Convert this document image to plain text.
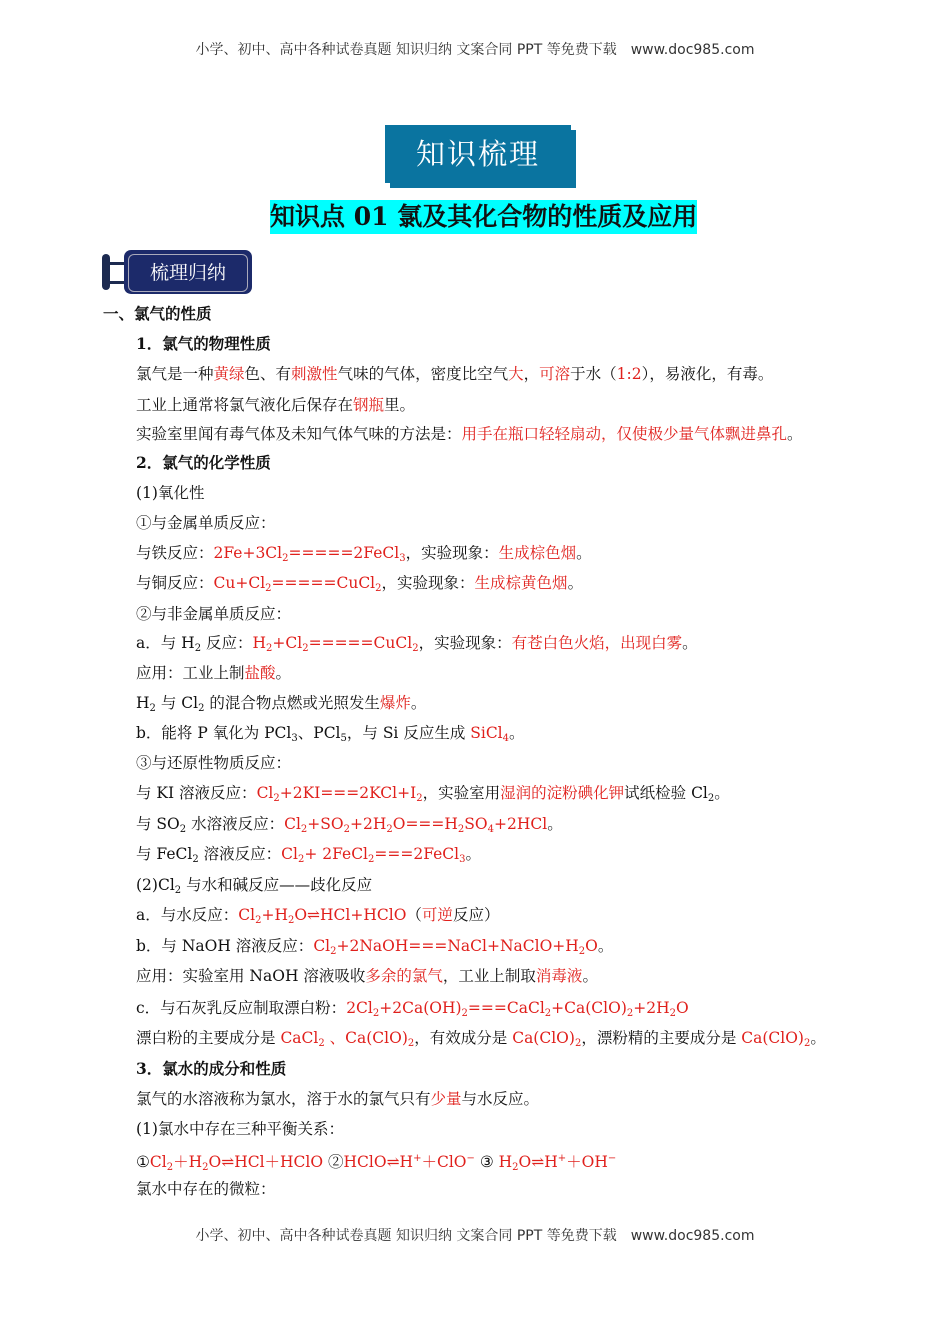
小学、初中、高中各种试卷真题 知识归纳 文案合同 PPT 等免费下载　www.doc985.com
知识梳理
知识点 01 氯及其化合物的性质及应用
梳理归纳
一、氯气的性质
1．氯气的物理性质
氯气是一种黄绿色、有刺激性气味的气体，密度比空气大，可溶于水（1:2），易液化，有毒。
工业上通常将氯气液化后保存在钢瓶里。
实验室里闻有毒气体及未知气体气味的方法是：用手在瓶口轻轻扇动，仅使极少量气体飘进鼻孔。
2．氯气的化学性质
(1)氧化性
①与金属单质反应：
与铁反应：$2Fe+3Cl_2=====2FeCl_3$，实验现象：生成棕色烟。
与铜反应：$Cu+Cl_2=====CuCl_2$，实验现象：生成棕黄色烟。
②与非金属单质反应：
a．与 $H_2$ 反应：$H_2+Cl_2=====CuCl_2$，实验现象：有苍白色火焰，出现白雾。
应用：工业上制盐酸。
$H_2$ 与 $Cl_2$ 的混合物点燃或光照发生爆炸。
b．能将 P 氧化为 PCl$_3$、PCl$_5$，与 Si 反应生成 SiCl$_4$。
③与还原性物质反应：
与 KI 溶液反应：$Cl_2+2KI===2KCl+I_2$，实验室用湿润的淀粉碘化钾试纸检验 $Cl_2$。
与 $SO_2$ 水溶液反应：$Cl_2+SO_2+2H_2O===H_2SO_4+2HCl$。
与 FeCl$_2$ 溶液反应：$Cl_2+$ 2FeCl$_2$===2FeCl$_3$。
$(2)Cl_2$ 与水和碱反应——歧化反应
a．与水反应：$Cl_2+H_2O\rightleftharpoons HCl+HClO$（可逆反应）
b．与 NaOH 溶液反应：$Cl_2+2NaOH===NaCl+NaClO+H_2O$。
应用：实验室用 NaOH 溶液吸收多余的氯气，工业上制取消毒液。
c．与石灰乳反应制取漂白粉：$2Cl_2+2Ca(OH)_2===CaCl_2+Ca(ClO)_2+2H_2O$
漂白粉的主要成分是 CaCl$_2$ 、$Ca(ClO)_2$，有效成分是 $Ca(ClO)_2$，漂粉精的主要成分是 $Ca(ClO)_2$。
3．氯水的成分和性质
氯气的水溶液称为氯水，溶于水的氯气只有少量与水反应。
(1)氯水中存在三种平衡关系：
$①Cl_2+H_2O\rightleftharpoons HCl+HClO$ ②HClO⇌H+＋ClO− ③ $H_2O\rightleftharpoons H^++OH^-$
氯水中存在的微粒：
小学、初中、高中各种试卷真题 知识归纳 文案合同 PPT 等免费下载　www.doc985.com
